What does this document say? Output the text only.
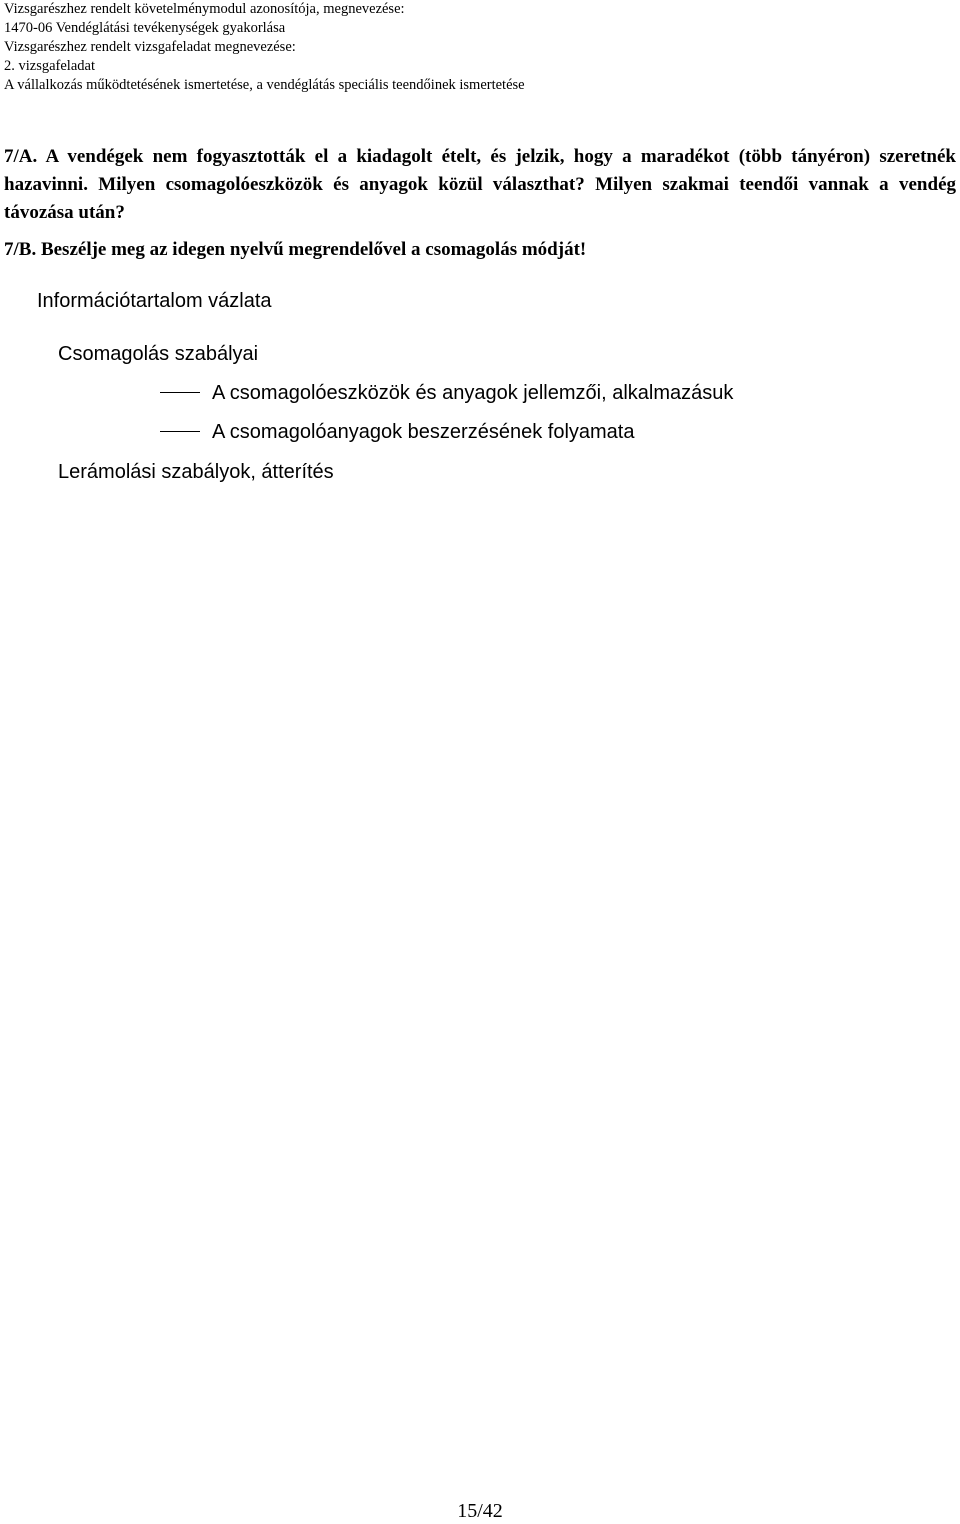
Vizsgarészhez rendelt követelménymodul azonosítója, megnevezése:
1470-06 Vendéglátási tevékenységek gyakorlása
Vizsgarészhez rendelt vizsgafeladat megnevezése:
2. vizsgafeladat
A vállalkozás működtetésének ismertetése, a vendéglátás speciális teendőinek ismertetése
7/A. A vendégek nem fogyasztották el a kiadagolt ételt, és jelzik, hogy a maradékot (több tányéron) szeretnék hazavinni. Milyen csomagolóeszközök és anyagok közül választhat? Milyen szakmai teendői vannak a vendég távozása után?
7/B. Beszélje meg az idegen nyelvű megrendelővel a csomagolás módját!
Információtartalom vázlata
Csomagolás szabályai
A csomagolóeszközök és anyagok jellemzői, alkalmazásuk
A csomagolóanyagok beszerzésének folyamata
Lerámolási szabályok, átterítés
15/42
